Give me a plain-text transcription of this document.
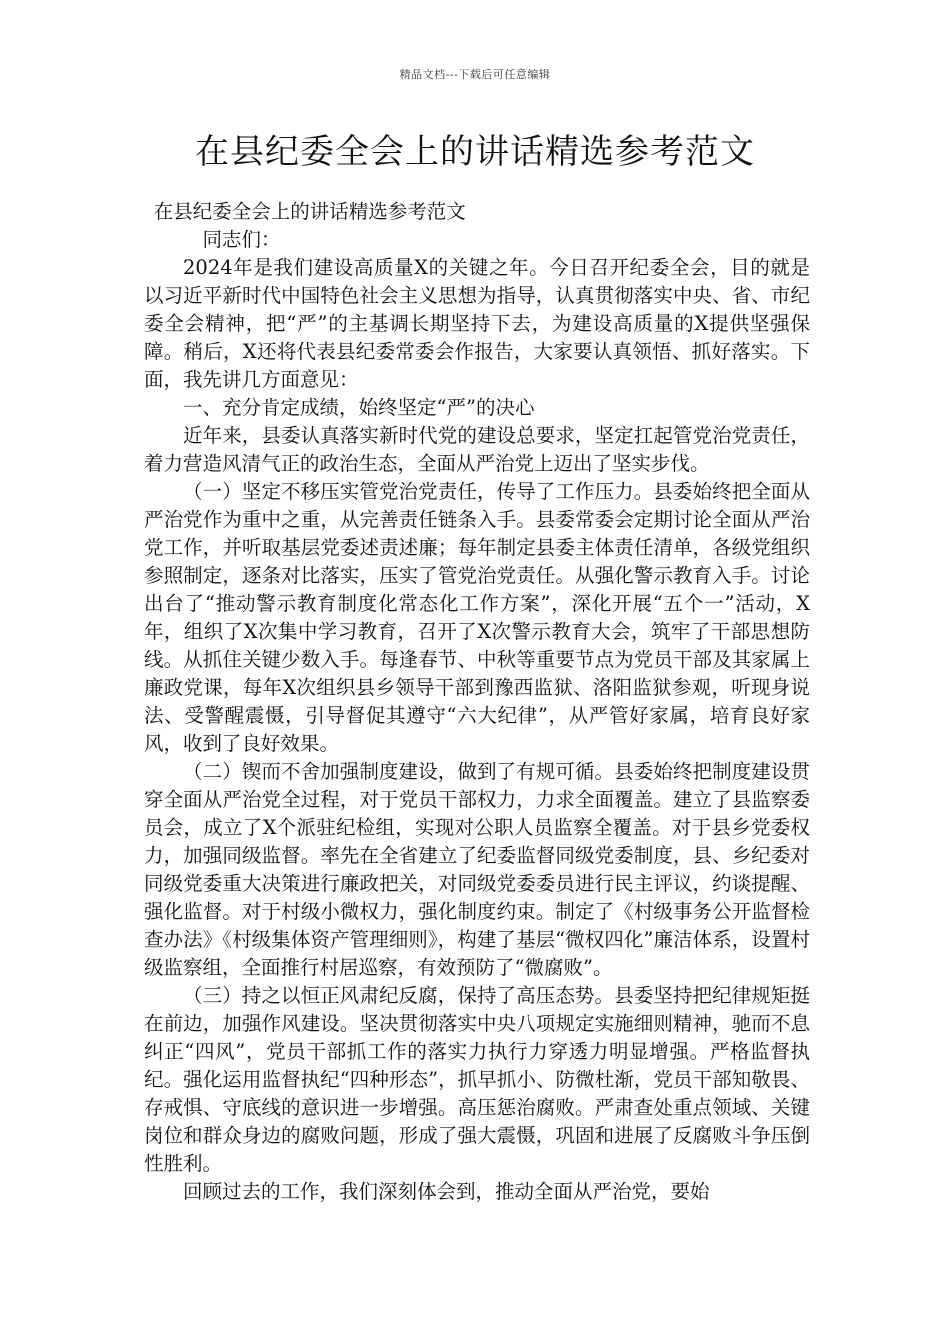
精品文档---下载后可任意编辑
在县纪委全会上的讲话精选参考范文

在县纪委全会上的讲话精选参考范文

同志们：

2024年是我们建设高质量X的关键之年。今日召开纪委全会，目的就是以习近平新时代中国特色社会主义思想为指导，认真贯彻落实中央、省、市纪委全会精神，把“严”的主基调长期坚持下去，为建设高质量的X提供坚强保障。稍后，X还将代表县纪委常委会作报告，大家要认真领悟、抓好落实。下面，我先讲几方面意见：

一、充分肯定成绩，始终坚定“严”的决心

近年来，县委认真落实新时代党的建设总要求，坚定扛起管党治党责任，着力营造风清气正的政治生态，全面从严治党上迈出了坚实步伐。

（一）坚定不移压实管党治党责任，传导了工作压力。县委始终把全面从严治党作为重中之重，从完善责任链条入手。县委常委会定期讨论全面从严治党工作，并听取基层党委述责述廉；每年制定县委主体责任清单，各级党组织参照制定，逐条对比落实，压实了管党治党责任。从强化警示教育入手。讨论出台了“推动警示教育制度化常态化工作方案”，深化开展“五个一”活动，X年，组织了X次集中学习教育，召开了X次警示教育大会，筑牢了干部思想防线。从抓住关键少数入手。每逢春节、中秋等重要节点为党员干部及其家属上廉政党课，每年X次组织县乡领导干部到豫西监狱、洛阳监狱参观，听现身说法、受警醒震慑，引导督促其遵守“六大纪律”，从严管好家属，培育良好家风，收到了良好效果。

（二）锲而不舍加强制度建设，做到了有规可循。县委始终把制度建设贯穿全面从严治党全过程，对于党员干部权力，力求全面覆盖。建立了县监察委员会，成立了X个派驻纪检组，实现对公职人员监察全覆盖。对于县乡党委权力，加强同级监督。率先在全省建立了纪委监督同级党委制度，县、乡纪委对同级党委重大决策进行廉政把关，对同级党委委员进行民主评议，约谈提醒、强化监督。对于村级小微权力，强化制度约束。制定了《村级事务公开监督检查办法》《村级集体资产管理细则》，构建了基层“微权四化”廉洁体系，设置村级监察组，全面推行村居巡察，有效预防了“微腐败”。

（三）持之以恒正风肃纪反腐，保持了高压态势。县委坚持把纪律规矩挺在前边，加强作风建设。坚决贯彻落实中央八项规定实施细则精神，驰而不息纠正“四风”，党员干部抓工作的落实力执行力穿透力明显增强。严格监督执纪。强化运用监督执纪“四种形态”，抓早抓小、防微杜渐，党员干部知敬畏、存戒惧、守底线的意识进一步增强。高压惩治腐败。严肃查处重点领域、关键岗位和群众身边的腐败问题，形成了强大震慑，巩固和进展了反腐败斗争压倒性胜利。

回顾过去的工作，我们深刻体会到，推动全面从严治党，要始
